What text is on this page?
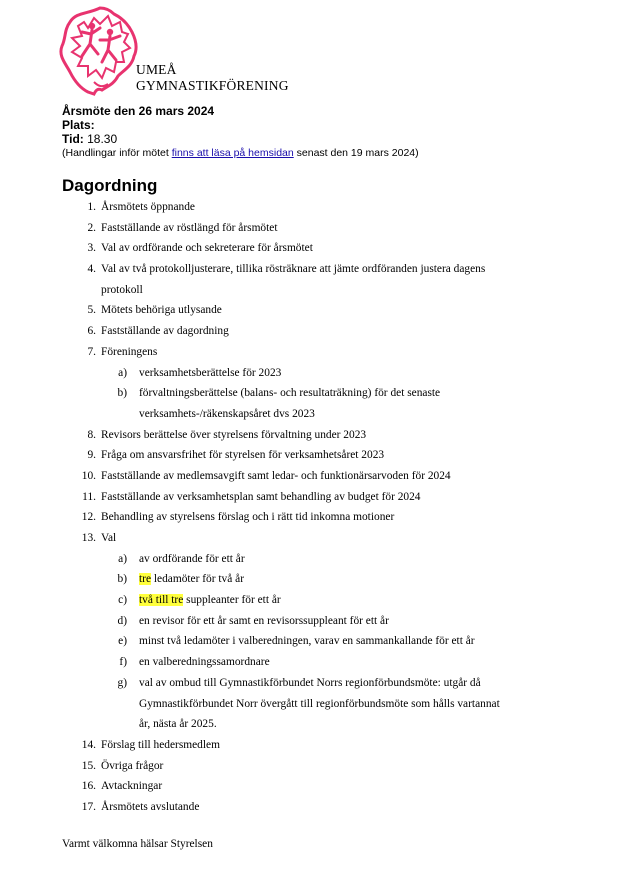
UMEÅ
GYMNASTIKFÖRENING
Årsmöte den 26 mars 2024
Plats:
Tid: 18.30
(Handlingar inför mötet finns att läsa på hemsidan senast den 19 mars 2024)
Dagordning
1. Årsmötets öppnande
2. Fastställande av röstlängd för årsmötet
3. Val av ordförande och sekreterare för årsmötet
4. Val av två protokolljusterare, tillika rösträknare att jämte ordföranden justera dagens
protokoll
5. Mötets behöriga utlysande
6. Fastställande av dagordning
7. Föreningens
a) verksamhetsberättelse för 2023
b) förvaltningsberättelse (balans- och resultaträkning) för det senaste
verksamhets-/räkenskapsåret dvs 2023
8. Revisors berättelse över styrelsens förvaltning under 2023
9. Fråga om ansvarsfrihet för styrelsen för verksamhetsåret 2023
10. Fastställande av medlemsavgift samt ledar- och funktionärsarvoden för 2024
11. Fastställande av verksamhetsplan samt behandling av budget för 2024
12. Behandling av styrelsens förslag och i rätt tid inkomna motioner
13. Val
a) av ordförande för ett år
b) tre ledamöter för två år
c) två till tre suppleanter för ett år
d) en revisor för ett år samt en revisorssuppleant för ett år
e) minst två ledamöter i valberedningen, varav en sammankallande för ett år
f) en valberedningssamordnare
g) val av ombud till Gymnastikförbundet Norrs regionförbundsmöte: utgår då
Gymnastikförbundet Norr övergått till regionförbundsmöte som hålls vartannat
år, nästa år 2025.
14. Förslag till hedersmedlem
15. Övriga frågor
16. Avtackningar
17. Årsmötets avslutande
Varmt välkomna hälsar Styrelsen
